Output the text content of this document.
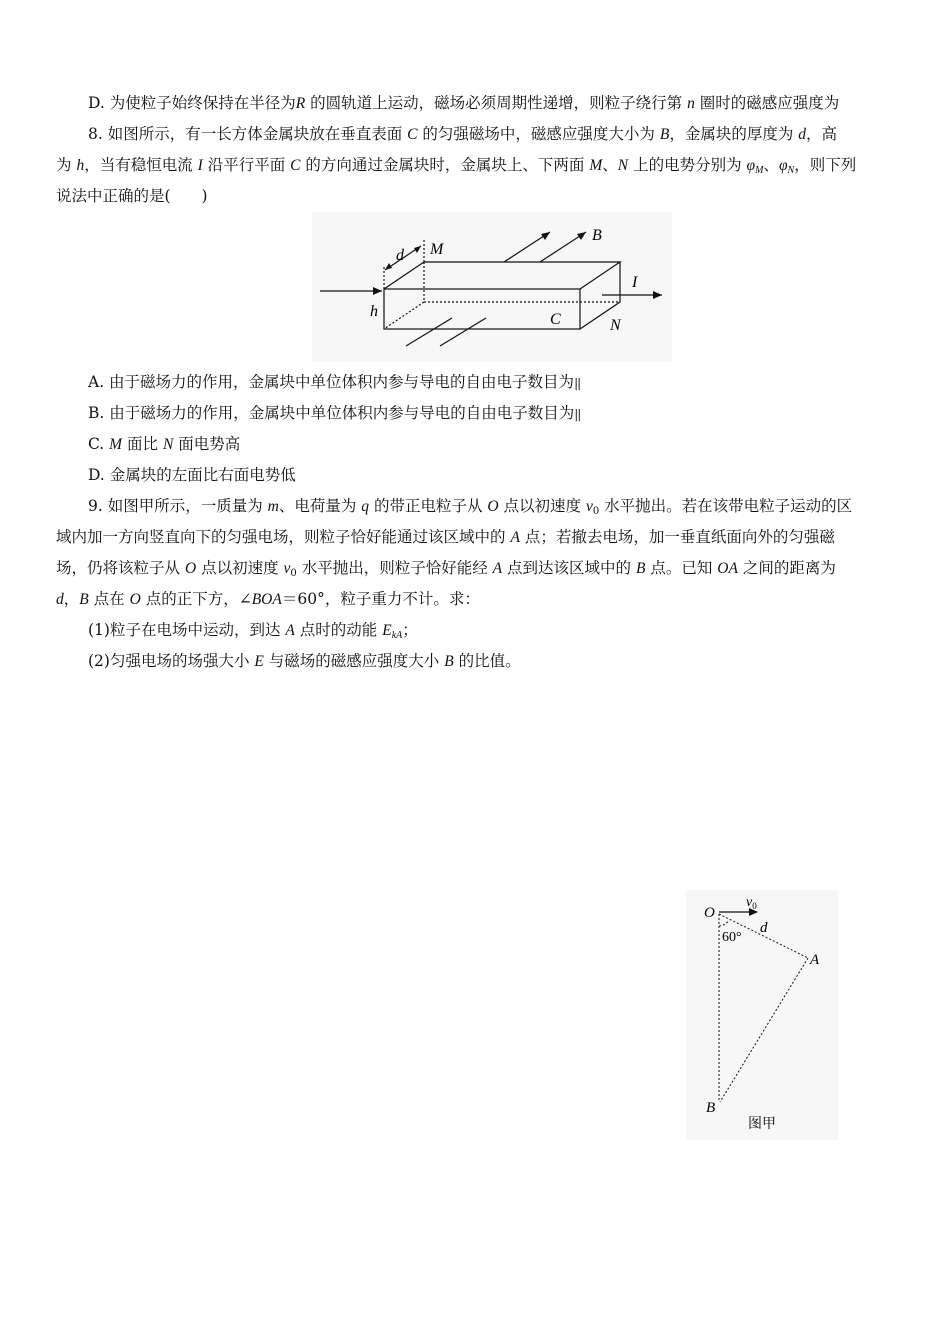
D. 为使粒子始终保持在半径为R 的圆轨道上运动，磁场必须周期性递增，则粒子绕行第 n 圈时的磁感应强度为
8. 如图所示，有一长方体金属块放在垂直表面 C 的匀强磁场中，磁感应强度大小为 B，金属块的厚度为 d，高
为 h，当有稳恒电流 I 沿平行平面 C 的方向通过金属块时，金属块上、下两面 M、N 上的电势分别为 $\varphi_M$、$\varphi_N$，则下列
说法中正确的是(　　)
d M
B
I
h	C	N
A. 由于磁场力的作用，金属块中单位体积内参与导电的自由电子数目为||
B. 由于磁场力的作用，金属块中单位体积内参与导电的自由电子数目为||
C. M 面比 N 面电势高
D. 金属块的左面比右面电势低
9. 如图甲所示，一质量为 m、电荷量为 q 的带正电粒子从 O 点以初速度 $v_0$ 水平抛出。若在该带电粒子运动的区
域内加一方向竖直向下的匀强电场，则粒子恰好能通过该区域中的 A 点；若撤去电场，加一垂直纸面向外的匀强磁
场，仍将该粒子从 O 点以初速度 $v_0$ 水平抛出，则粒子恰好能经 A 点到达该区域中的 B 点。已知 OA 之间的距离为
d，B 点在 O 点的正下方，∠BOA＝60°，粒子重力不计。求：
(1)粒子在电场中运动，到达 A 点时的动能 $E_{kA}$；
(2)匀强电场的场强大小 E 与磁场的磁感应强度大小 B 的比值。
O
$v_0$
60°
d
A
B
图甲
